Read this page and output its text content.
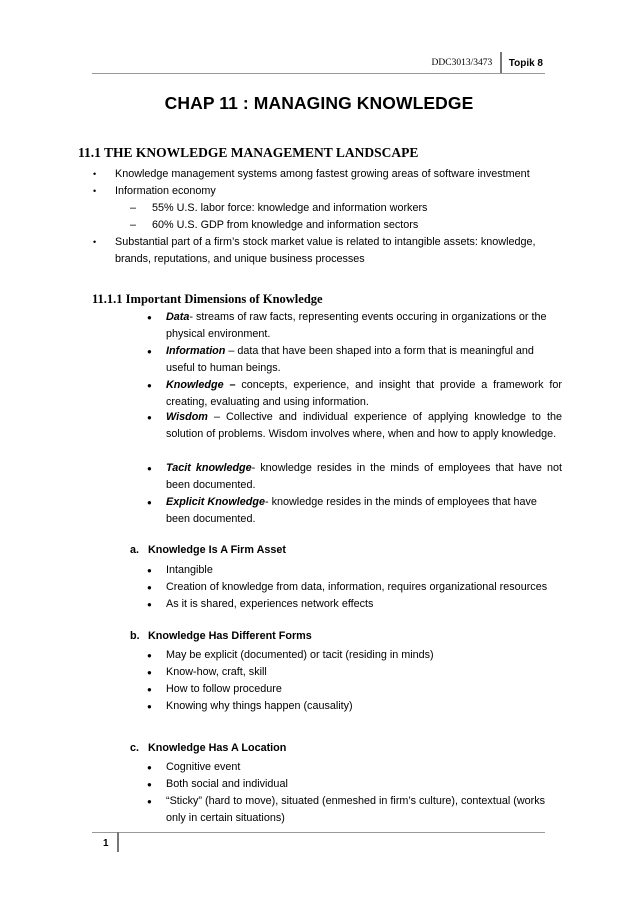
DDC3013/3473	Topik 8
CHAP 11 : MANAGING KNOWLEDGE
11.1 THE KNOWLEDGE MANAGEMENT LANDSCAPE
• Knowledge management systems among fastest growing areas of software investment
• Information economy
– 55% U.S. labor force: knowledge and information workers
– 60% U.S. GDP from knowledge and information sectors
• Substantial part of a firm’s stock market value is related to intangible assets: knowledge,
brands, reputations, and unique business processes
11.1.1 Important Dimensions of Knowledge
● Data- streams of raw facts, representing events occuring in organizations or the physical environment.
● Information – data that have been shaped into a form that is meaningful and useful to human beings.
● Knowledge – concepts, experience, and insight that provide a framework for creating, evaluating and using information.
● Wisdom – Collective and individual experience of applying knowledge to the solution of problems. Wisdom involves where, when and how to apply knowledge.
● Tacit knowledge- knowledge resides in the minds of employees that have not been documented.
● Explicit Knowledge- knowledge resides in the minds of employees that have been documented.
a. Knowledge Is A Firm Asset
● Intangible
● Creation of knowledge from data, information, requires organizational resources
● As it is shared, experiences network effects
b. Knowledge Has Different Forms
● May be explicit (documented) or tacit (residing in minds)
● Know-how, craft, skill
● How to follow procedure
● Knowing why things happen (causality)
c. Knowledge Has A Location
● Cognitive event
● Both social and individual
● “Sticky” (hard to move), situated (enmeshed in firm’s culture), contextual (works
only in certain situations)
1
